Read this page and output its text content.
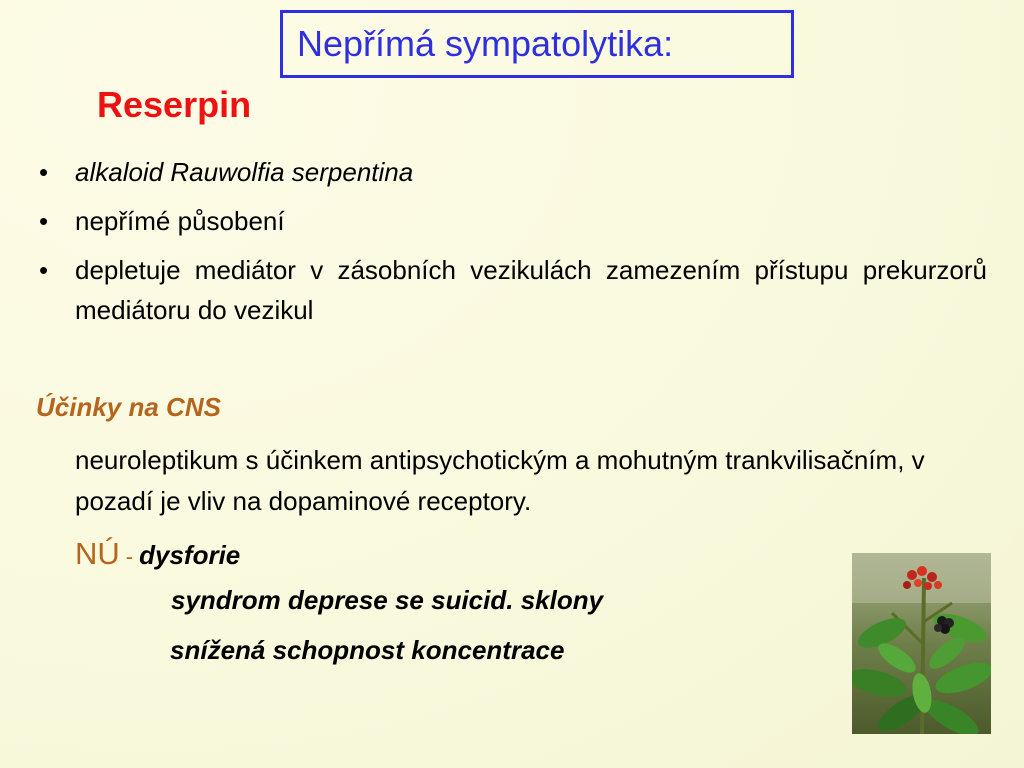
Nepřímá sympatolytika:
Reserpin
• alkaloid Rauwolfia serpentina
• nepřímé působení
• depletuje mediátor v zásobních vezikulách zamezením přístupu prekurzorů mediátoru do vezikul
Účinky na CNS
neuroleptikum s účinkem antipsychotickým a mohutným trankvilisačním, v pozadí je vliv na dopaminové receptory.
NÚ - dysforie
syndrom deprese se suicid. sklony
snížená schopnost koncentrace
